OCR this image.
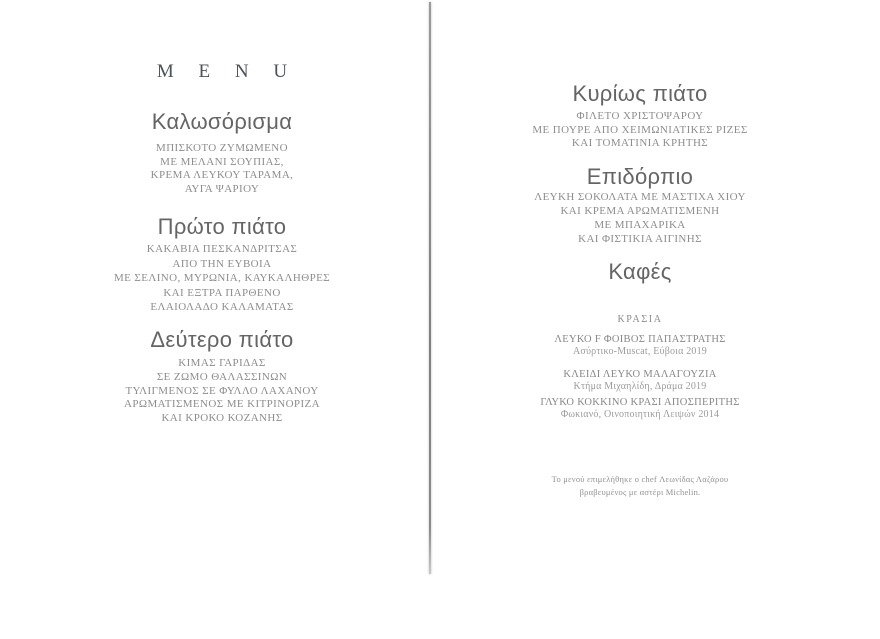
M E N U
Καλωσόρισμα
ΜΠΙΣΚΟΤΟ ΖΥΜΩΜΕΝΟ
ΜΕ ΜΕΛΑΝΙ ΣΟΥΠΙΑΣ,
ΚΡΕΜΑ ΛΕΥΚΟΥ ΤΑΡΑΜΑ,
ΑΥΓΑ ΨΑΡΙΟΥ
Πρώτο πιάτο
ΚΑΚΑΒΙΑ ΠΕΣΚΑΝΔΡΙΤΣΑΣ
ΑΠΟ ΤΗΝ ΕΥΒΟΙΑ
ΜΕ ΣΕΛΙΝΟ, ΜΥΡΩΝΙΑ, ΚΑΥΚΑΛΗΘΡΕΣ
ΚΑΙ ΕΞΤΡΑ ΠΑΡΘΕΝΟ
ΕΛΑΙΟΛΑΔΟ ΚΑΛΑΜΑΤΑΣ
Δεύτερο πιάτο
ΚΙΜΑΣ ΓΑΡΙΔΑΣ
ΣΕ ΖΩΜΟ ΘΑΛΑΣΣΙΝΩΝ
ΤΥΛΙΓΜΕΝΟΣ ΣΕ ΦΥΛΛΟ ΛΑΧΑΝΟΥ
ΑΡΩΜΑΤΙΣΜΕΝΟΣ ΜΕ ΚΙΤΡΙΝΟΡΙΖΑ
ΚΑΙ ΚΡΟΚΟ ΚΟΖΑΝΗΣ
Κυρίως πιάτο
ΦΙΛΕΤΟ ΧΡΙΣΤΟΨΑΡΟΥ
ΜΕ ΠΟΥΡΕ ΑΠΟ ΧΕΙΜΩΝΙΑΤΙΚΕΣ ΡΙΖΕΣ
ΚΑΙ ΤΟΜΑΤΙΝΙΑ ΚΡΗΤΗΣ
Επιδόρπιο
ΛΕΥΚΗ ΣΟΚΟΛΑΤΑ ΜΕ ΜΑΣΤΙΧΑ ΧΙΟΥ
ΚΑΙ ΚΡΕΜΑ ΑΡΩΜΑΤΙΣΜΕΝΗ
ΜΕ ΜΠΑΧΑΡΙΚΑ
ΚΑΙ ΦΙΣΤΙΚΙΑ ΑΙΓΙΝΗΣ
Καφές
ΚΡΑΣΙΑ
ΛΕΥΚΟ F ΦΟΙΒΟΣ ΠΑΠΑΣΤΡΑΤΗΣ
Ασύρτικο-Muscat, Εύβοια 2019
ΚΛΕΙΔΙ ΛΕΥΚΟ ΜΑΛΑΓΟΥΖΙΑ
Κτήμα Μιχαηλίδη, Δράμα 2019
ΓΛΥΚΟ ΚΟΚΚΙΝΟ ΚΡΑΣΙ ΑΠΟΣΠΕΡΙΤΗΣ
Φωκιανό, Οινοποιητική Λειψών 2014
Το μενού επιμελήθηκε ο chef Λεωνίδας Λαζάρου
βραβευμένος με αστέρι Michelin.
